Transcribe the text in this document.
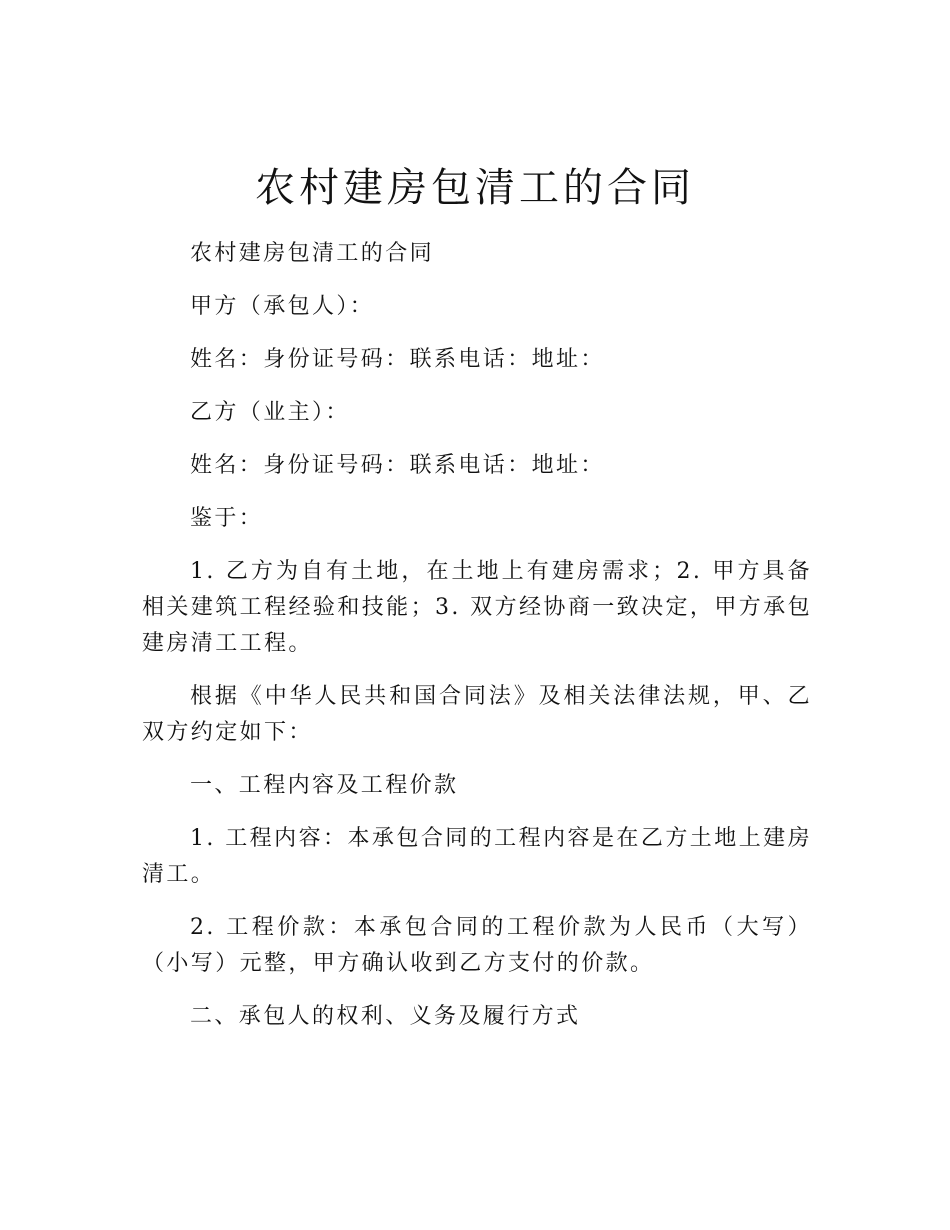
农村建房包清工的合同

农村建房包清工的合同

甲方（承包人）：

姓名：身份证号码：联系电话：地址：

乙方（业主）：

姓名：身份证号码：联系电话：地址：

鉴于：

1. 乙方为自有土地，在土地上有建房需求；2. 甲方具备相关建筑工程经验和技能；3. 双方经协商一致决定，甲方承包建房清工工程。

根据《中华人民共和国合同法》及相关法律法规，甲、乙双方约定如下：

一、工程内容及工程价款

1. 工程内容：本承包合同的工程内容是在乙方土地上建房清工。

2. 工程价款：本承包合同的工程价款为人民币（大写）（小写）元整，甲方确认收到乙方支付的价款。

二、承包人的权利、义务及履行方式
